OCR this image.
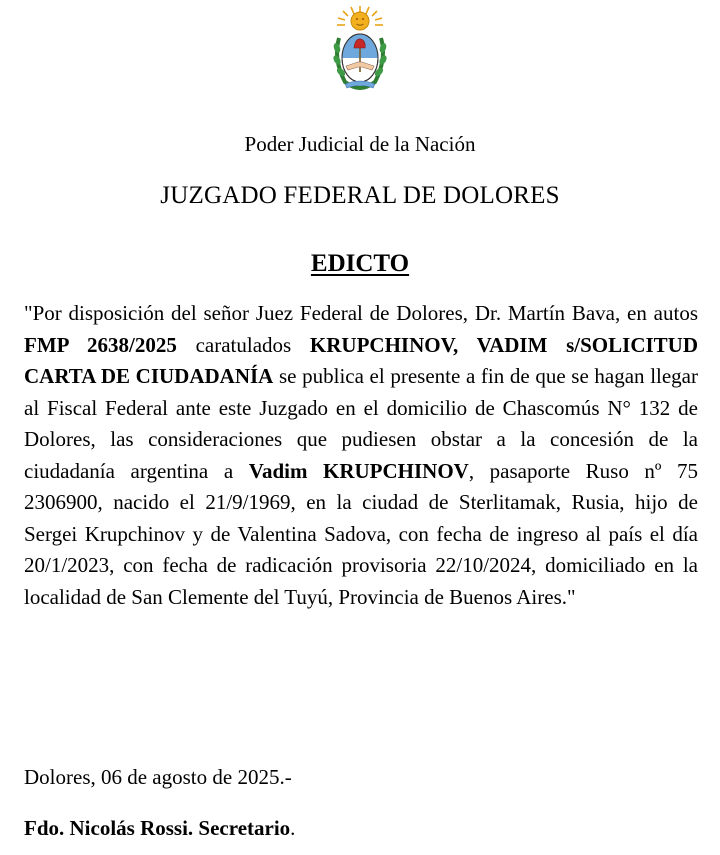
Poder Judicial de la Nación
JUZGADO FEDERAL DE DOLORES
EDICTO

"Por disposición del señor Juez Federal de Dolores, Dr. Martín Bava, en autos FMP 2638/2025 caratulados KRUPCHINOV, VADIM s/SOLICITUD CARTA DE CIUDADANÍA se publica el presente a fin de que se hagan llegar al Fiscal Federal ante este Juzgado en el domicilio de Chascomús N° 132 de Dolores, las consideraciones que pudiesen obstar a la concesión de la ciudadanía argentina a Vadim KRUPCHINOV, pasaporte Ruso nº 75 2306900, nacido el 21/9/1969, en la ciudad de Sterlitamak, Rusia, hijo de Sergei Krupchinov y de Valentina Sadova, con fecha de ingreso al país el día 20/1/2023, con fecha de radicación provisoria 22/10/2024, domiciliado en la localidad de San Clemente del Tuyú, Provincia de Buenos Aires."

Dolores, 06 de agosto de 2025.-
Fdo. Nicolás Rossi. Secretario.
